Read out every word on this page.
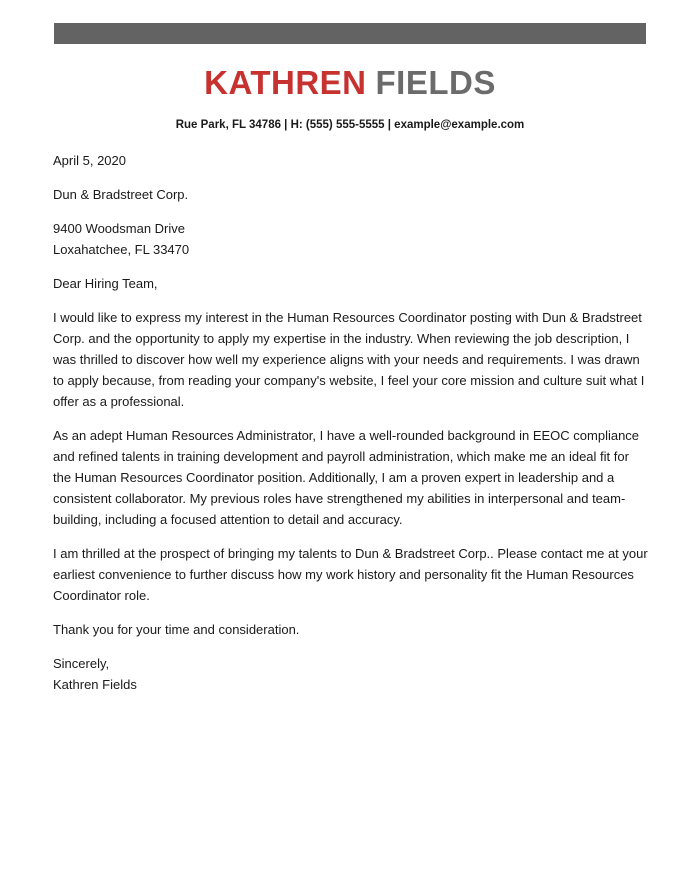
KATHREN FIELDS
Rue Park, FL 34786 | H: (555) 555-5555 | example@example.com

April 5, 2020

Dun & Bradstreet Corp.

9400 Woodsman Drive
Loxahatchee, FL 33470

Dear Hiring Team,

I would like to express my interest in the Human Resources Coordinator posting with Dun & Bradstreet Corp. and the opportunity to apply my expertise in the industry. When reviewing the job description, I was thrilled to discover how well my experience aligns with your needs and requirements. I was drawn to apply because, from reading your company's website, I feel your core mission and culture suit what I offer as a professional.

As an adept Human Resources Administrator, I have a well-rounded background in EEOC compliance and refined talents in training development and payroll administration, which make me an ideal fit for the Human Resources Coordinator position. Additionally, I am a proven expert in leadership and a consistent collaborator. My previous roles have strengthened my abilities in interpersonal and team-building, including a focused attention to detail and accuracy.

I am thrilled at the prospect of bringing my talents to Dun & Bradstreet Corp.. Please contact me at your earliest convenience to further discuss how my work history and personality fit the Human Resources Coordinator role.

Thank you for your time and consideration.

Sincerely,
Kathren Fields
